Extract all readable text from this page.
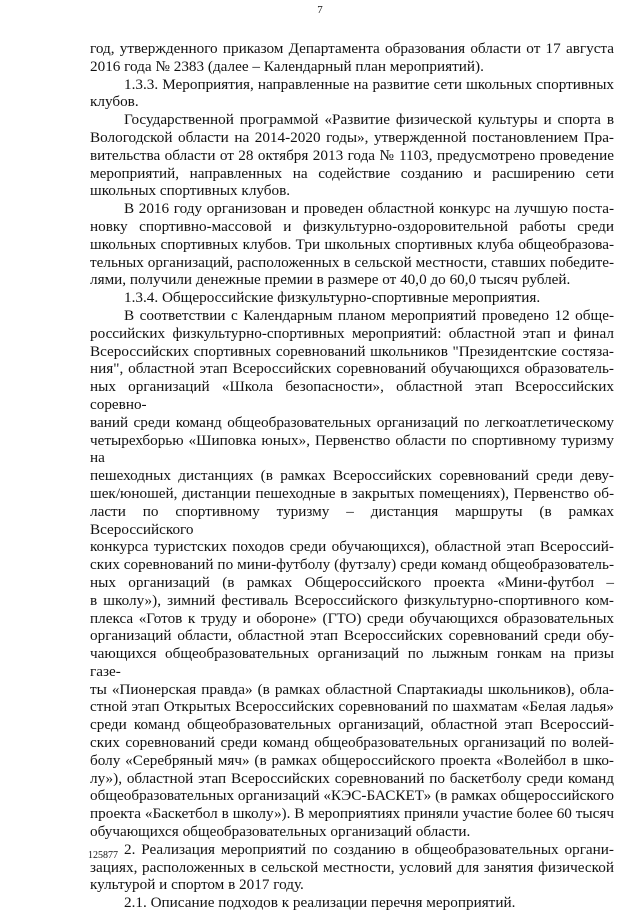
7
год, утвержденного приказом Департамента образования области от 17 августа
2016 года № 2383 (далее – Календарный план мероприятий).
1.3.3. Мероприятия, направленные на развитие сети школьных спортивных
клубов.
Государственной программой «Развитие физической культуры и спорта в
Вологодской области на 2014-2020 годы», утвержденной постановлением Пра-
вительства области от 28 октября 2013 года № 1103, предусмотрено проведение
мероприятий, направленных на содействие созданию и расширению сети
школьных спортивных клубов.
В 2016 году организован и проведен областной конкурс на лучшую поста-
новку спортивно-массовой и физкультурно-оздоровительной работы среди
школьных спортивных клубов. Три школьных спортивных клуба общеобразова-
тельных организаций, расположенных в сельской местности, ставших победите-
лями, получили денежные премии в размере от 40,0 до 60,0 тысяч рублей.
1.3.4. Общероссийские физкультурно-спортивные мероприятия.
В соответствии с Календарным планом мероприятий проведено 12 обще-
российских физкультурно-спортивных мероприятий: областной этап и финал
Всероссийских спортивных соревнований школьников "Президентские состяза-
ния", областной этап Всероссийских соревнований обучающихся образователь-
ных организаций «Школа безопасности», областной этап Всероссийских соревно-
ваний среди команд общеобразовательных организаций по легкоатлетическому
четырехборью «Шиповка юных», Первенство области по спортивному туризму на
пешеходных дистанциях (в рамках Всероссийских соревнований среди деву-
шек/юношей, дистанции пешеходные в закрытых помещениях), Первенство об-
ласти по спортивному туризму – дистанция маршруты (в рамках Всероссийского
конкурса туристских походов среди обучающихся), областной этап Всероссий-
ских соревнований по мини-футболу (футзалу) среди команд общеобразователь-
ных организаций (в рамках Общероссийского проекта «Мини-футбол –
в школу»), зимний фестиваль Всероссийского физкультурно-спортивного ком-
плекса «Готов к труду и обороне» (ГТО) среди обучающихся образовательных
организаций области, областной этап Всероссийских соревнований среди обу-
чающихся общеобразовательных организаций по лыжным гонкам на призы газе-
ты «Пионерская правда» (в рамках областной Спартакиады школьников), обла-
стной этап Открытых Всероссийских соревнований по шахматам «Белая ладья»
среди команд общеобразовательных организаций, областной этап Всероссий-
ских соревнований среди команд общеобразовательных организаций по волей-
болу «Серебряный мяч» (в рамках общероссийского проекта «Волейбол в шко-
лу»), областной этап Всероссийских соревнований по баскетболу среди команд
общеобразовательных организаций «КЭС-БАСКЕТ» (в рамках общероссийского
проекта «Баскетбол в школу»). В мероприятиях приняли участие более 60 тысяч
обучающихся общеобразовательных организаций области.
2. Реализация мероприятий по созданию в общеобразовательных органи-
зациях, расположенных в сельской местности, условий для занятия физической
культурой и спортом в 2017 году.
2.1. Описание подходов к реализации перечня мероприятий.
125877
